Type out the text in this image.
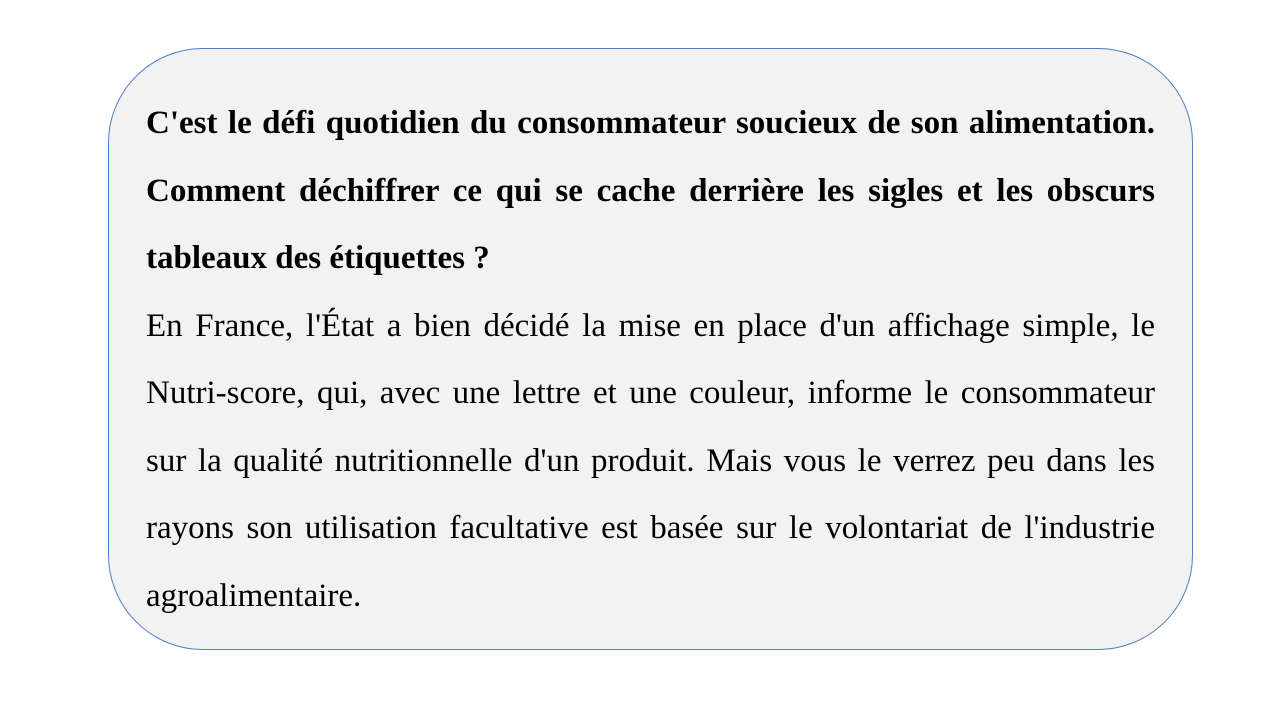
C'est le défi quotidien du consommateur soucieux de son alimentation. Comment déchiffrer ce qui se cache derrière les sigles et les obscurs tableaux des étiquettes ?

En France, l'État a bien décidé la mise en place d'un affichage simple, le Nutri-score, qui, avec une lettre et une couleur, informe le consommateur sur la qualité nutritionnelle d'un produit. Mais vous le verrez peu dans les rayons son utilisation facultative est basée sur le volontariat de l'industrie agroalimentaire.
